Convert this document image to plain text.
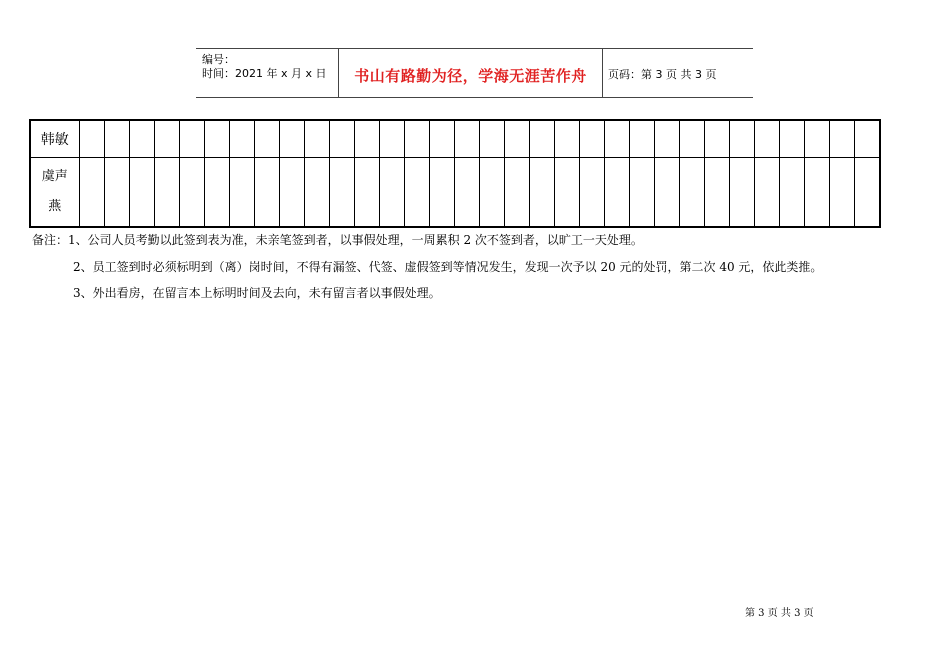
编号：
时间：2021 年 x 月 x 日	书山有路勤为径，学海无涯苦作舟	页码：第 3 页 共 3 页
韩敏																																

虞声
燕																																

备注：1、公司人员考勤以此签到表为准，未亲笔签到者，以事假处理，一周累积 2 次不签到者，以旷工一天处理。
2、员工签到时必须标明到（离）岗时间，不得有漏签、代签、虚假签到等情况发生，发现一次予以 20 元的处罚，第二次 40 元，依此类推。
3、外出看房，在留言本上标明时间及去向，未有留言者以事假处理。
第 3 页 共 3 页
